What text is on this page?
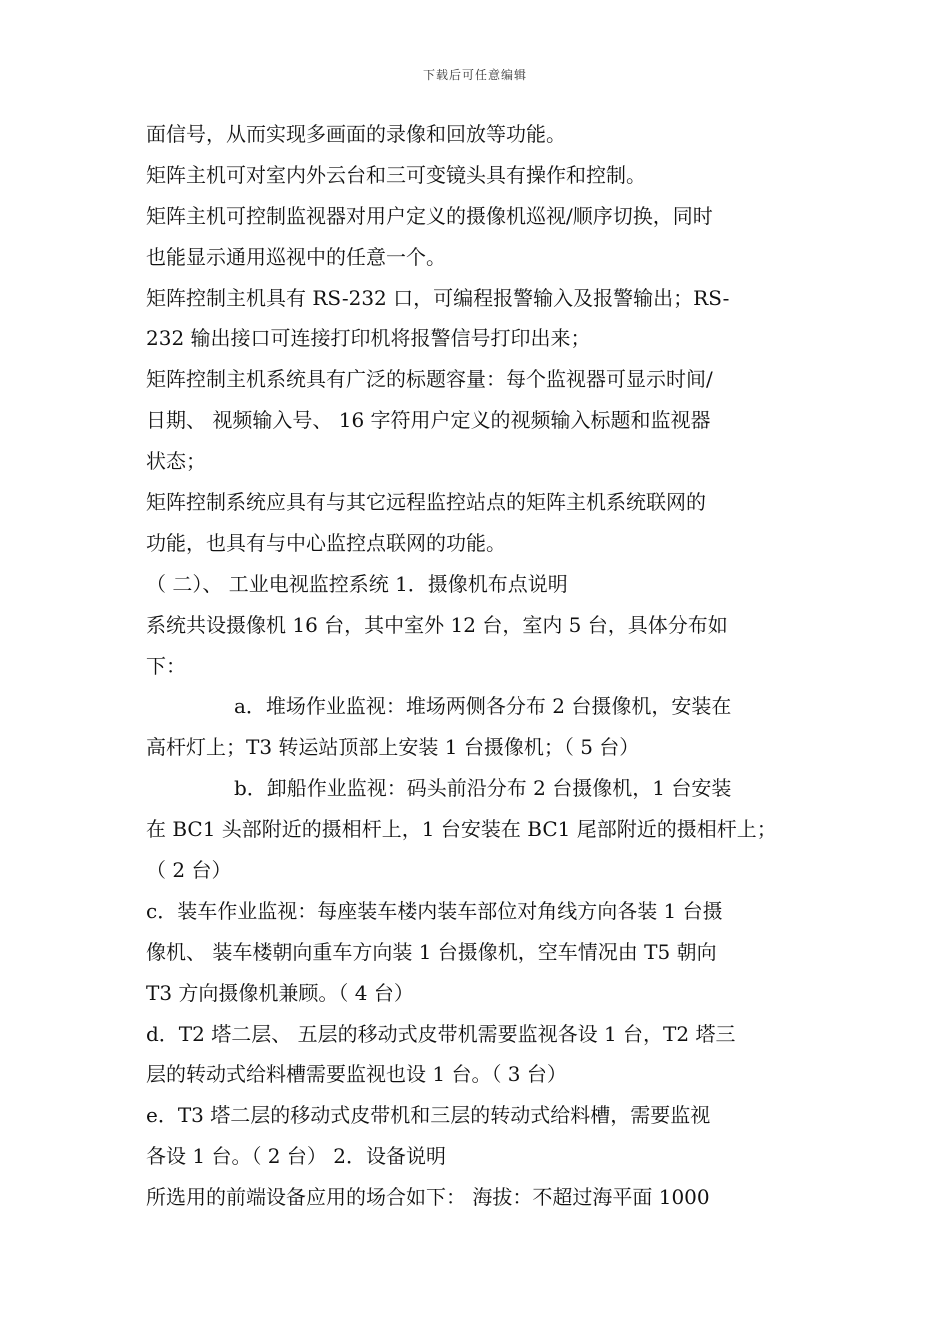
下载后可任意编辑
面信号，从而实现多画面的录像和回放等功能。
矩阵主机可对室内外云台和三可变镜头具有操作和控制。
矩阵主机可控制监视器对用户定义的摄像机巡视/顺序切换，同时
也能显示通用巡视中的任意一个。
矩阵控制主机具有 RS-232 口，可编程报警输入及报警输出；RS-
232 输出接口可连接打印机将报警信号打印出来；
矩阵控制主机系统具有广泛的标题容量：每个监视器可显示时间/
日期、 视频输入号、 16 字符用户定义的视频输入标题和监视器
状态；
矩阵控制系统应具有与其它远程监控站点的矩阵主机系统联网的
功能，也具有与中心监控点联网的功能。
（ 二）、 工业电视监控系统 1．摄像机布点说明
系统共设摄像机 16 台，其中室外 12 台，室内 5 台，具体分布如
下：
a．堆场作业监视：堆场两侧各分布 2 台摄像机，安装在
高杆灯上；T3 转运站顶部上安装 1 台摄像机；（ 5 台）
b．卸船作业监视：码头前沿分布 2 台摄像机，1 台安装
在 BC1 头部附近的摄相杆上，1 台安装在 BC1 尾部附近的摄相杆上；
（ 2 台）
c．装车作业监视：每座装车楼内装车部位对角线方向各装 1 台摄
像机、 装车楼朝向重车方向装 1 台摄像机，空车情况由 T5 朝向
T3 方向摄像机兼顾。（ 4 台）
d．T2 塔二层、 五层的移动式皮带机需要监视各设 1 台，T2 塔三
层的转动式给料槽需要监视也设 1 台。（ 3 台）
e．T3 塔二层的移动式皮带机和三层的转动式给料槽，需要监视
各设 1 台。（ 2 台） 2．设备说明
所选用的前端设备应用的场合如下： 海拔：不超过海平面 1000
